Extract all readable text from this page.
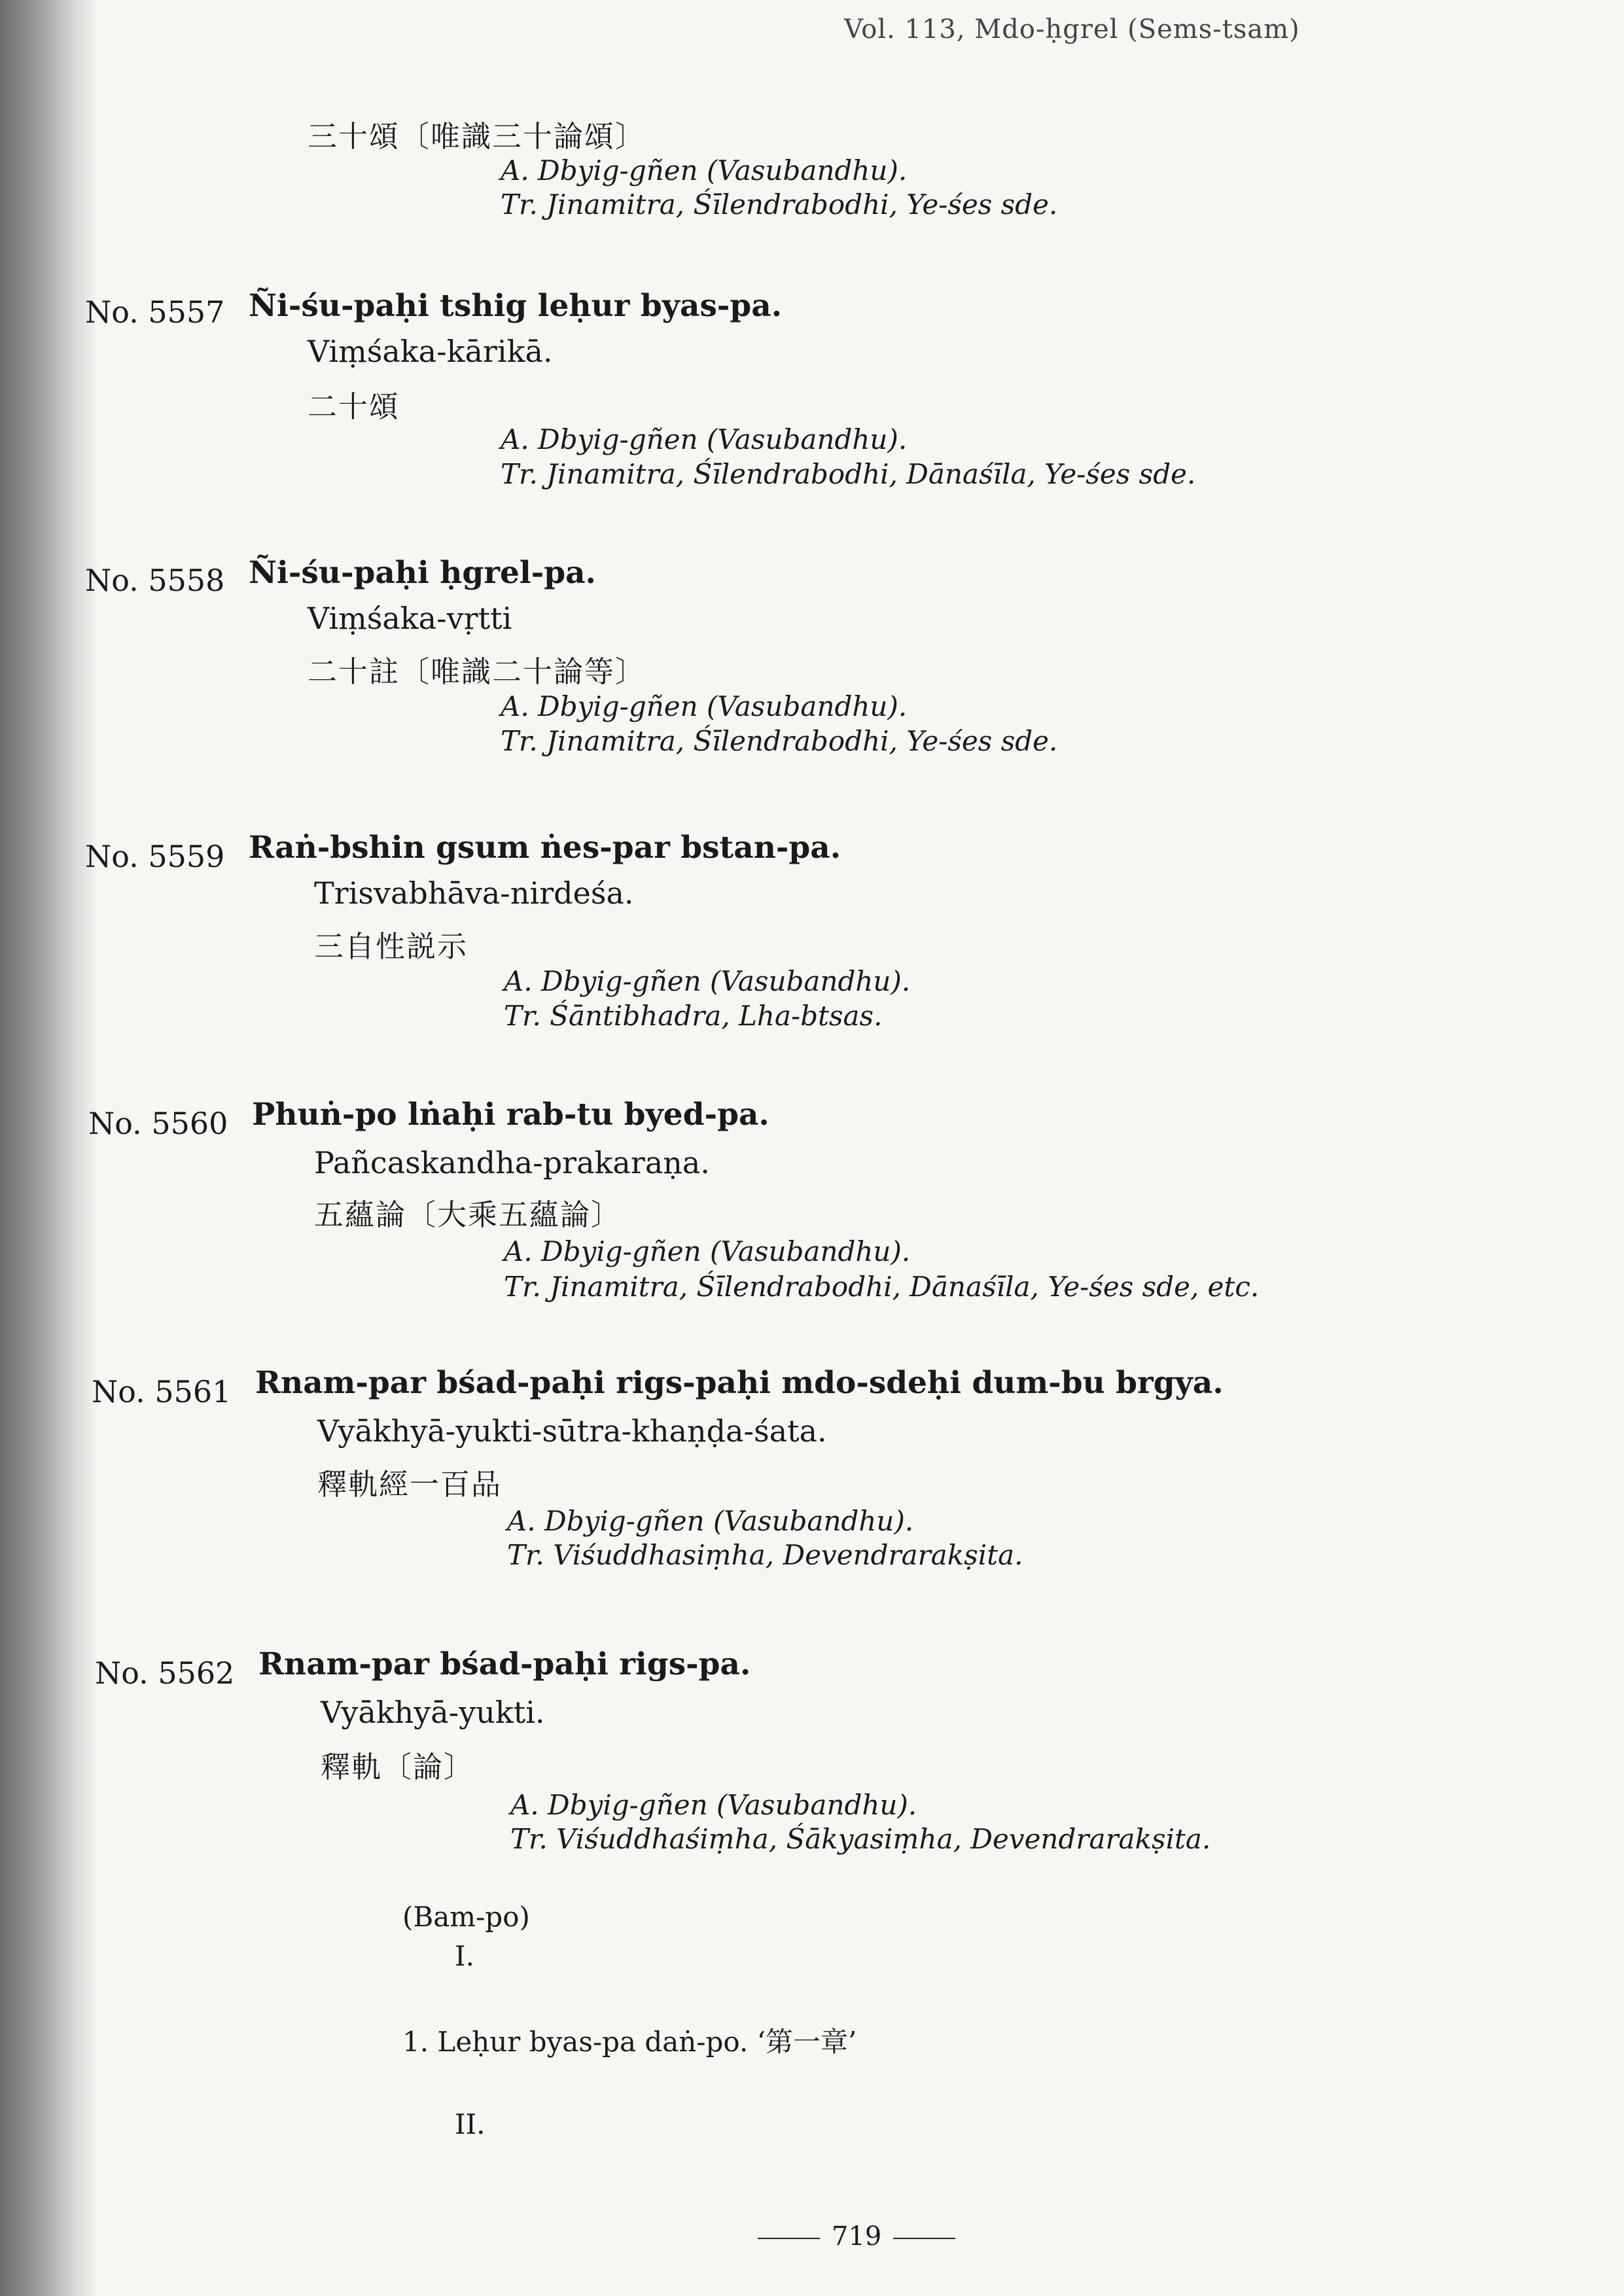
Vol. 113, Mdo-ḥgrel (Sems-tsam)
三十頌〔唯識三十論頌〕
A. Dbyig-gñen (Vasubandhu).
Tr. Jinamitra, Śīlendrabodhi, Ye-śes sde.
No. 5557 Ñi-śu-paḥi tshig leḥur byas-pa.
Viṃśaka-kārikā.
二十頌
A. Dbyig-gñen (Vasubandhu).
Tr. Jinamitra, Śīlendrabodhi, Dānaśīla, Ye-śes sde.
No. 5558 Ñi-śu-paḥi ḥgrel-pa.
Viṃśaka-vṛtti
二十註〔唯識二十論等〕
A. Dbyig-gñen (Vasubandhu).
Tr. Jinamitra, Śīlendrabodhi, Ye-śes sde.
No. 5559 Raṅ-bshin gsum ṅes-par bstan-pa.
Trisvabhāva-nirdeśa.
三自性説示
A. Dbyig-gñen (Vasubandhu).
Tr. Śāntibhadra, Lha-btsas.
No. 5560 Phuṅ-po lṅaḥi rab-tu byed-pa.
Pañcaskandha-prakaraṇa.
五蘊論〔大乘五蘊論〕
A. Dbyig-gñen (Vasubandhu).
Tr. Jinamitra, Śīlendrabodhi, Dānaśīla, Ye-śes sde, etc.
No. 5561 Rnam-par bśad-paḥi rigs-paḥi mdo-sdeḥi dum-bu brgya.
Vyākhyā-yukti-sūtra-khaṇḍa-śata.
釋軌經一百品
A. Dbyig-gñen (Vasubandhu).
Tr. Viśuddhasiṃha, Devendrarakṣita.
No. 5562 Rnam-par bśad-paḥi rigs-pa.
Vyākhyā-yukti.
釋軌〔論〕
A. Dbyig-gñen (Vasubandhu).
Tr. Viśuddhaśiṃha, Śākyasiṃha, Devendrarakṣita.
(Bam-po)
I.
1. Leḥur byas-pa daṅ-po. ‘第一章’
II.
719
